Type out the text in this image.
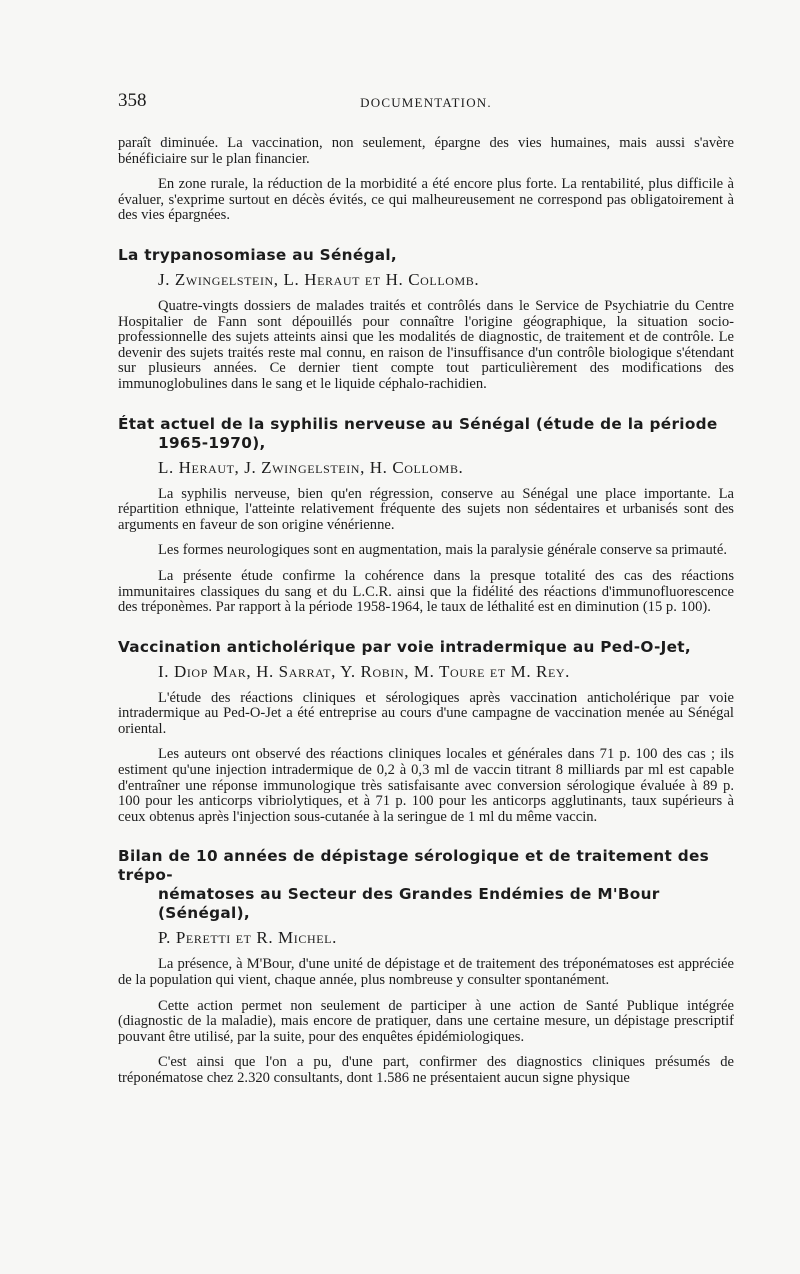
358	DOCUMENTATION.

paraît diminuée. La vaccination, non seulement, épargne des vies humaines, mais aussi s'avère bénéficiaire sur le plan financier.

En zone rurale, la réduction de la morbidité a été encore plus forte. La rentabilité, plus difficile à évaluer, s'exprime surtout en décès évités, ce qui malheureusement ne correspond pas obligatoirement à des vies épargnées.

La trypanosomiase au Sénégal,
J. Zwingelstein, L. Heraut et H. Collomb.

Quatre-vingts dossiers de malades traités et contrôlés dans le Service de Psychiatrie du Centre Hospitalier de Fann sont dépouillés pour connaître l'origine géographique, la situation socio-professionnelle des sujets atteints ainsi que les modalités de diagnostic, de traitement et de contrôle. Le devenir des sujets traités reste mal connu, en raison de l'insuffisance d'un contrôle biologique s'étendant sur plusieurs années. Ce dernier tient compte tout particulièrement des modifications des immunoglobulines dans le sang et le liquide céphalo-rachidien.

État actuel de la syphilis nerveuse au Sénégal (étude de la période
1965-1970),
L. Heraut, J. Zwingelstein, H. Collomb.

La syphilis nerveuse, bien qu'en régression, conserve au Sénégal une place importante. La répartition ethnique, l'atteinte relativement fréquente des sujets non sédentaires et urbanisés sont des arguments en faveur de son origine vénérienne.

Les formes neurologiques sont en augmentation, mais la paralysie générale conserve sa primauté.

La présente étude confirme la cohérence dans la presque totalité des cas des réactions immunitaires classiques du sang et du L.C.R. ainsi que la fidélité des réactions d'immunofluorescence des tréponèmes. Par rapport à la période 1958-1964, le taux de léthalité est en diminution (15 p. 100).

Vaccination anticholérique par voie intradermique au Ped-O-Jet,
I. Diop Mar, H. Sarrat, Y. Robin, M. Toure et M. Rey.

L'étude des réactions cliniques et sérologiques après vaccination anticholérique par voie intradermique au Ped-O-Jet a été entreprise au cours d'une campagne de vaccination menée au Sénégal oriental.

Les auteurs ont observé des réactions cliniques locales et générales dans 71 p. 100 des cas ; ils estiment qu'une injection intradermique de 0,2 à 0,3 ml de vaccin titrant 8 milliards par ml est capable d'entraîner une réponse immunologique très satisfaisante avec conversion sérologique évaluée à 89 p. 100 pour les anticorps vibriolytiques, et à 71 p. 100 pour les anticorps agglutinants, taux supérieurs à ceux obtenus après l'injection sous-cutanée à la seringue de 1 ml du même vaccin.

Bilan de 10 années de dépistage sérologique et de traitement des trépo-
nématoses au Secteur des Grandes Endémies de M'Bour (Sénégal),
P. Peretti et R. Michel.

La présence, à M'Bour, d'une unité de dépistage et de traitement des tréponématoses est appréciée de la population qui vient, chaque année, plus nombreuse y consulter spontanément.

Cette action permet non seulement de participer à une action de Santé Publique intégrée (diagnostic de la maladie), mais encore de pratiquer, dans une certaine mesure, un dépistage prescriptif pouvant être utilisé, par la suite, pour des enquêtes épidémiologiques.

C'est ainsi que l'on a pu, d'une part, confirmer des diagnostics cliniques présumés de tréponématose chez 2.320 consultants, dont 1.586 ne présentaient aucun signe physique
